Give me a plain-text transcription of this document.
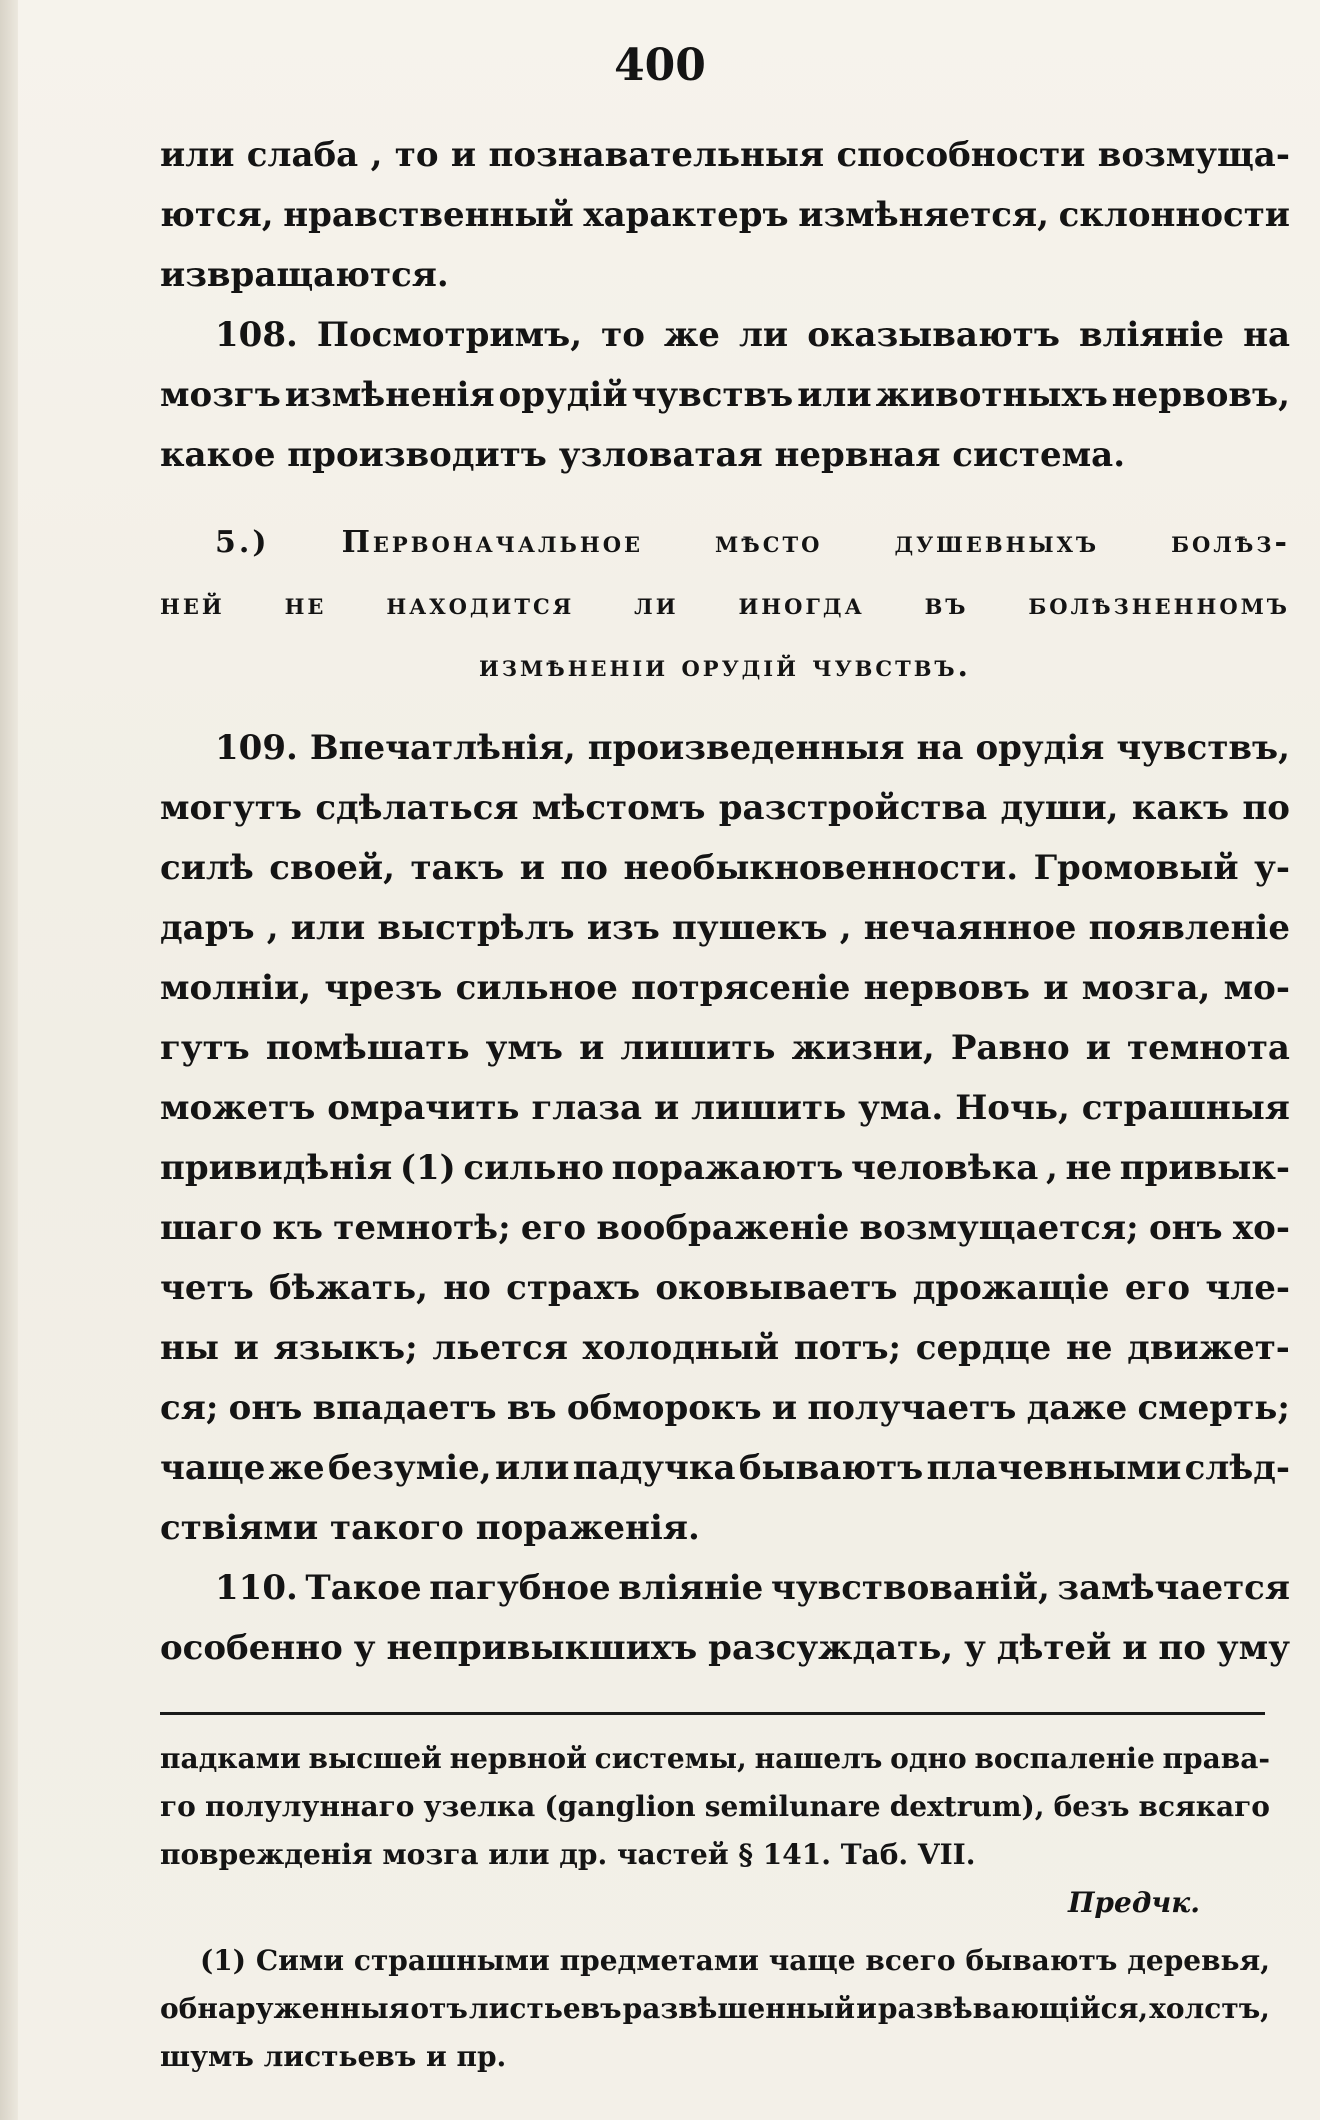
400
или слаба , то и познавательныя способности возмуща-
ются, нравственный характеръ измѣняется, склонности
извращаются.
108. Посмотримъ, то же ли оказываютъ вліяніе на
мозгъ измѣненія орудій чувствъ или животныхъ нервовъ,
какое производитъ узловатая нервная система.
5.) Первоначальное мѣсто душевныхъ болѣз-
ней не находится ли иногда въ болѣзненномъ
измѣненіи орудій чувствъ.
109. Впечатлѣнія, произведенныя на орудія чувствъ,
могутъ сдѣлаться мѣстомъ разстройства души, какъ по
силѣ своей, такъ и по необыкновенности. Громовый у-
даръ , или выстрѣлъ изъ пушекъ , нечаянное появленіе
молніи, чрезъ сильное потрясеніе нервовъ и мозга, мо-
гутъ помѣшать умъ и лишить жизни, Равно и темнота
можетъ омрачить глаза и лишить ума. Ночь, страшныя
привидѣнія (1) сильно поражаютъ человѣка , не привык-
шаго къ темнотѣ; его воображеніе возмущается; онъ хо-
четъ бѣжать, но страхъ оковываетъ дрожащіе его чле-
ны и языкъ; льется холодный потъ; сердце не движет-
ся; онъ впадаетъ въ обморокъ и получаетъ даже смерть;
чаще же безуміе, или падучка бываютъ плачевными слѣд-
ствіями такого пораженія.
110. Такое пагубное вліяніе чувствованій, замѣчается
особенно у непривыкшихъ разсуждать, у дѣтей и по уму
падками высшей нервной системы, нашелъ одно воспаленіе права-
го полулуннаго узелка (ganglion semilunare dextrum), безъ всякаго
поврежденія мозга или др. частей § 141. Таб. VII.
Предчк.
(1) Сими страшными предметами чаще всего бываютъ деревья,
обнаруженныя отъ листьевъ развѣшенный и развѣвающійся, холстъ,
шумъ листьевъ и пр.
